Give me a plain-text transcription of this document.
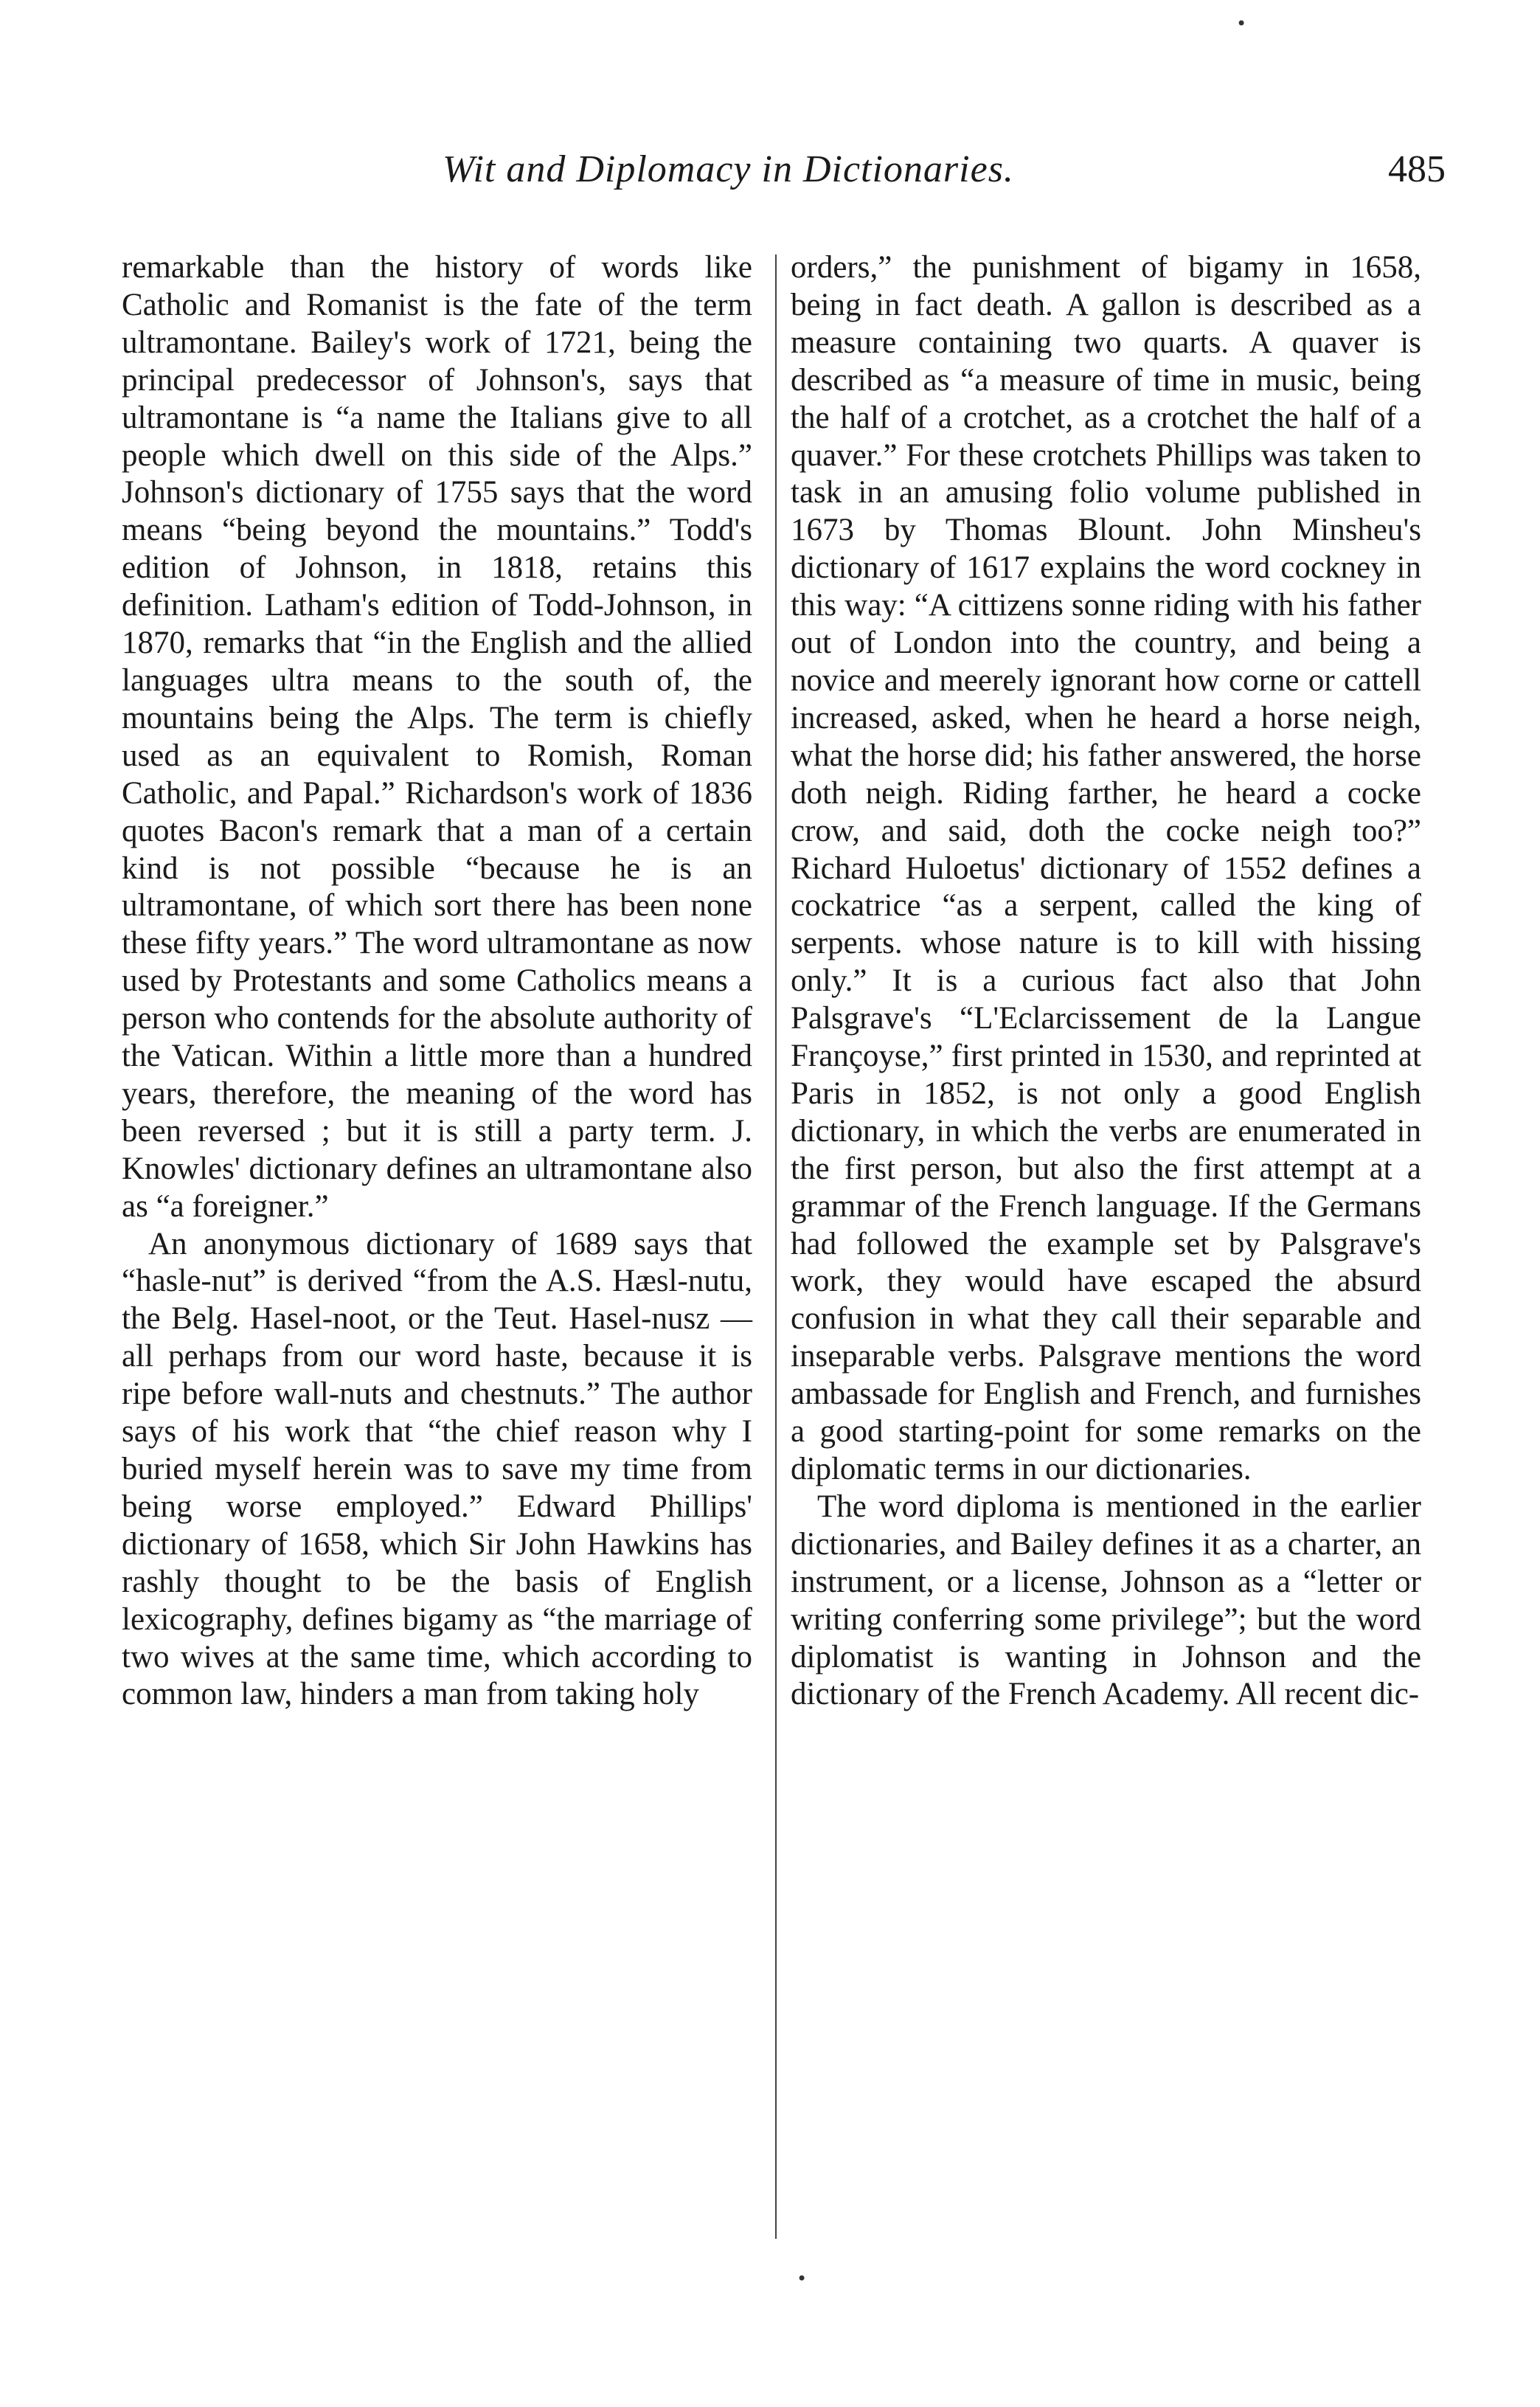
Wit and Diplomacy in Dictionaries.	485
•

remarkable than the history of words like Catholic and Romanist is the fate of the term ultramontane. Bailey's work of 1721, being the principal predecessor of Johnson's, says that ultramontane is “a name the Italians give to all people which dwell on this side of the Alps.” Johnson's dictionary of 1755 says that the word means “being beyond the mountains.” Todd's edition of Johnson, in 1818, retains this definition. Latham's edition of Todd-Johnson, in 1870, remarks that “in the English and the allied languages ultra means to the south of, the mountains being the Alps. The term is chiefly used as an equivalent to Romish, Roman Catholic, and Papal.” Richardson's work of 1836 quotes Bacon's remark that a man of a certain kind is not possible “because he is an ultramontane, of which sort there has been none these fifty years.” The word ultramontane as now used by Protestants and some Catholics means a person who contends for the absolute authority of the Vatican. Within a little more than a hundred years, therefore, the meaning of the word has been reversed ; but it is still a party term. J. Knowles' dictionary defines an ultramontane also as “a foreigner.”

An anonymous dictionary of 1689 says that “hasle-nut” is derived “from the A.S. Hæsl-nutu, the Belg. Hasel-noot, or the Teut. Hasel-nusz —all perhaps from our word haste, because it is ripe before wall-nuts and chestnuts.” The author says of his work that “the chief reason why I buried myself herein was to save my time from being worse employed.” Edward Phillips' dictionary of 1658, which Sir John Hawkins has rashly thought to be the basis of English lexicography, defines bigamy as “the marriage of two wives at the same time, which according to common law, hinders a man from taking holy

orders,” the punishment of bigamy in 1658, being in fact death. A gallon is described as a measure containing two quarts. A quaver is described as “a measure of time in music, being the half of a crotchet, as a crotchet the half of a quaver.” For these crotchets Phillips was taken to task in an amusing folio volume published in 1673 by Thomas Blount. John Minsheu's dictionary of 1617 explains the word cockney in this way: “A cittizens sonne riding with his father out of London into the country, and being a novice and meerely ignorant how corne or cattell increased, asked, when he heard a horse neigh, what the horse did; his father answered, the horse doth neigh. Riding farther, he heard a cocke crow, and said, doth the cocke neigh too?” Richard Huloetus' dictionary of 1552 defines a cockatrice “as a serpent, called the king of serpents. whose nature is to kill with hissing only.” It is a curious fact also that John Palsgrave's “L'Eclarcissement de la Langue Françoyse,” first printed in 1530, and reprinted at Paris in 1852, is not only a good English dictionary, in which the verbs are enumerated in the first person, but also the first attempt at a grammar of the French language. If the Germans had followed the example set by Palsgrave's work, they would have escaped the absurd confusion in what they call their separable and inseparable verbs. Palsgrave mentions the word ambassade for English and French, and furnishes a good starting-point for some remarks on the diplomatic terms in our dictionaries.

The word diploma is mentioned in the earlier dictionaries, and Bailey defines it as a charter, an instrument, or a license, Johnson as a “letter or writing conferring some privilege”; but the word diplomatist is wanting in Johnson and the dictionary of the French Academy. All recent dic-

•
